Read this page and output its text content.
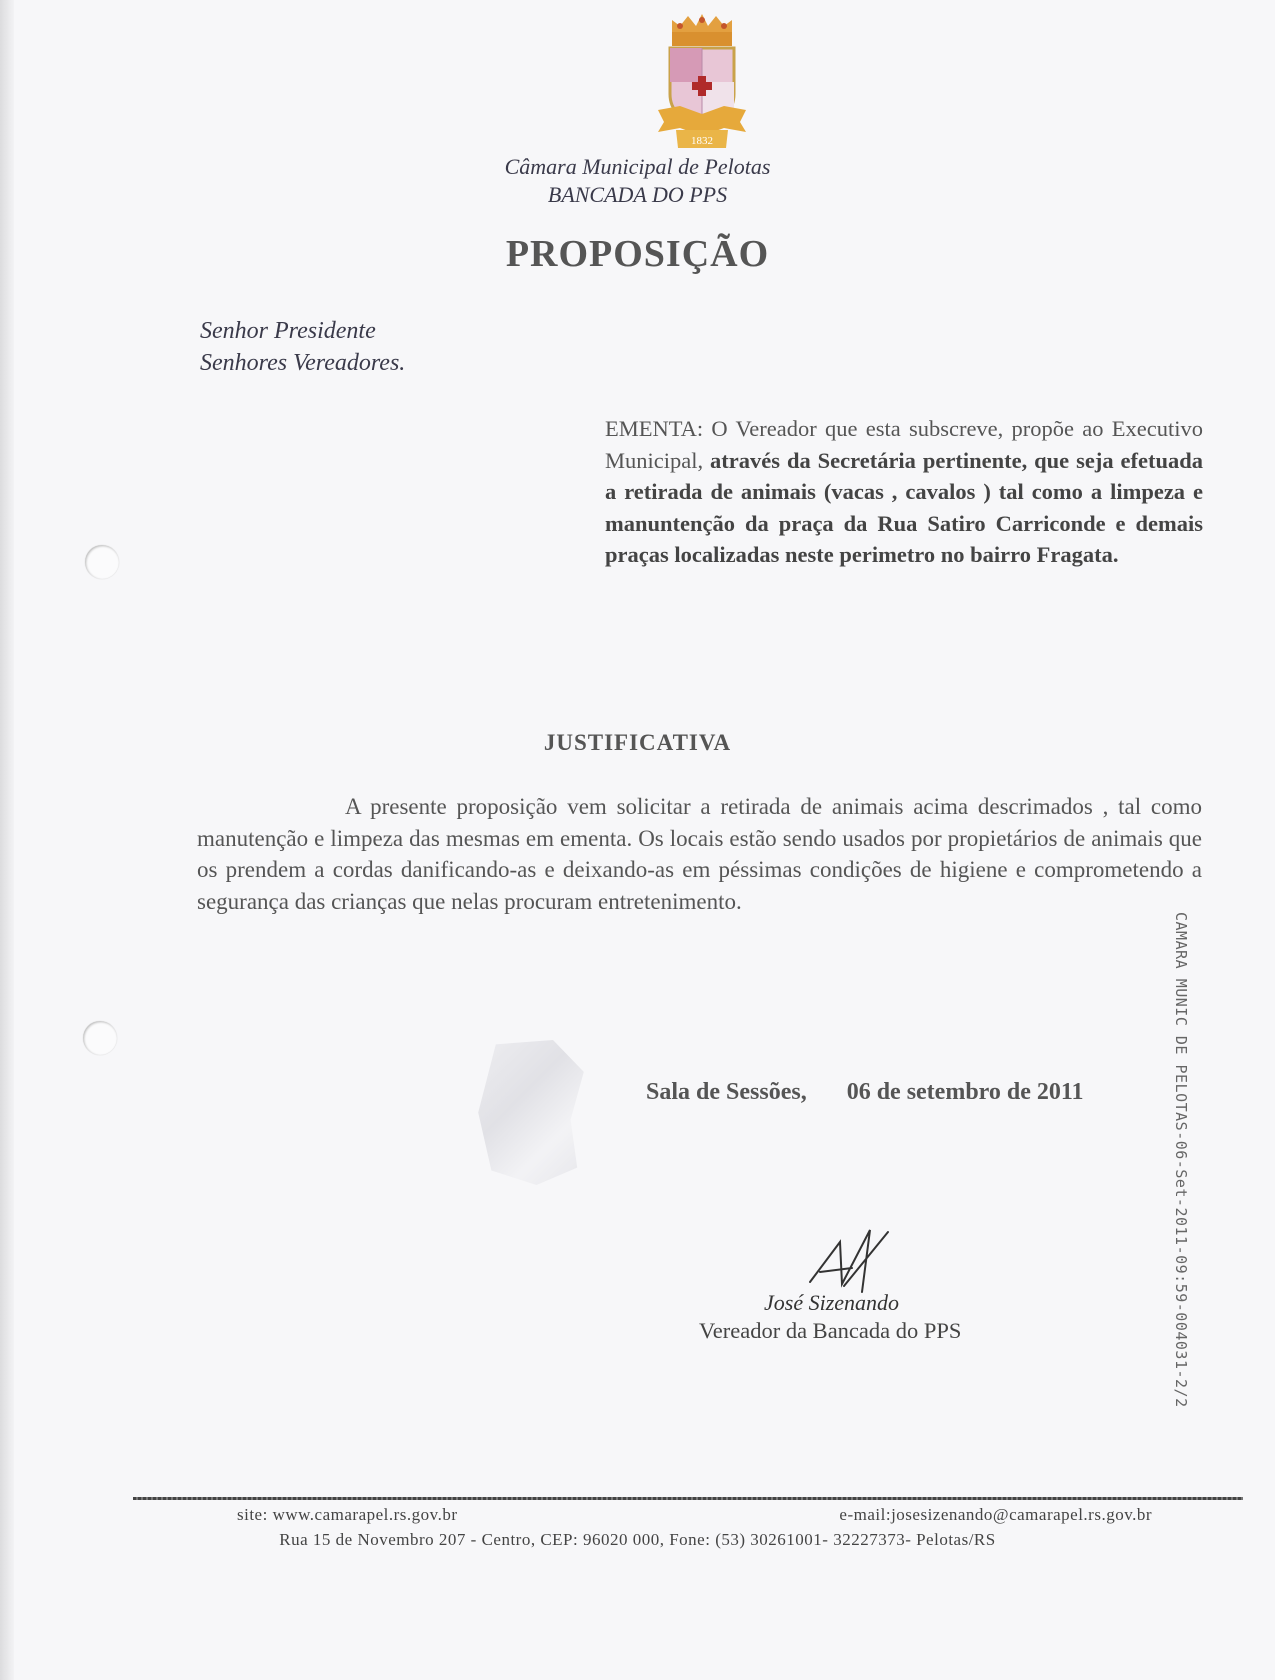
1832
Câmara Municipal de Pelotas
BANCADA DO PPS
PROPOSIÇÃO
Senhor Presidente
Senhores Vereadores.
EMENTA: O Vereador que esta subscreve, propõe ao Executivo Municipal, através da Secretária pertinente, que seja efetuada a retirada de animais (vacas , cavalos ) tal como a limpeza e manuntenção da praça da Rua Satiro Carriconde e demais praças localizadas neste perimetro no bairro Fragata.
JUSTIFICATIVA
A presente proposição vem solicitar a retirada de animais acima descrimados , tal como manutenção e limpeza das mesmas em ementa. Os locais estão sendo usados por propietários de animais que os prendem a cordas danificando-as e deixando-as em péssimas condições de higiene e comprometendo a segurança das crianças que nelas procuram entretenimento.
Sala de Sessões, 06 de setembro de 2011
José Sizenando
Vereador da Bancada do PPS	CAMARA MUNIC DE PELOTAS-06-Set-2011-09:59-004031-2/2
site: www.camarapel.rs.gov.br	e-mail:josesizenando@camarapel.rs.gov.br
Rua 15 de Novembro 207 - Centro, CEP: 96020 000, Fone: (53) 30261001- 32227373- Pelotas/RS
